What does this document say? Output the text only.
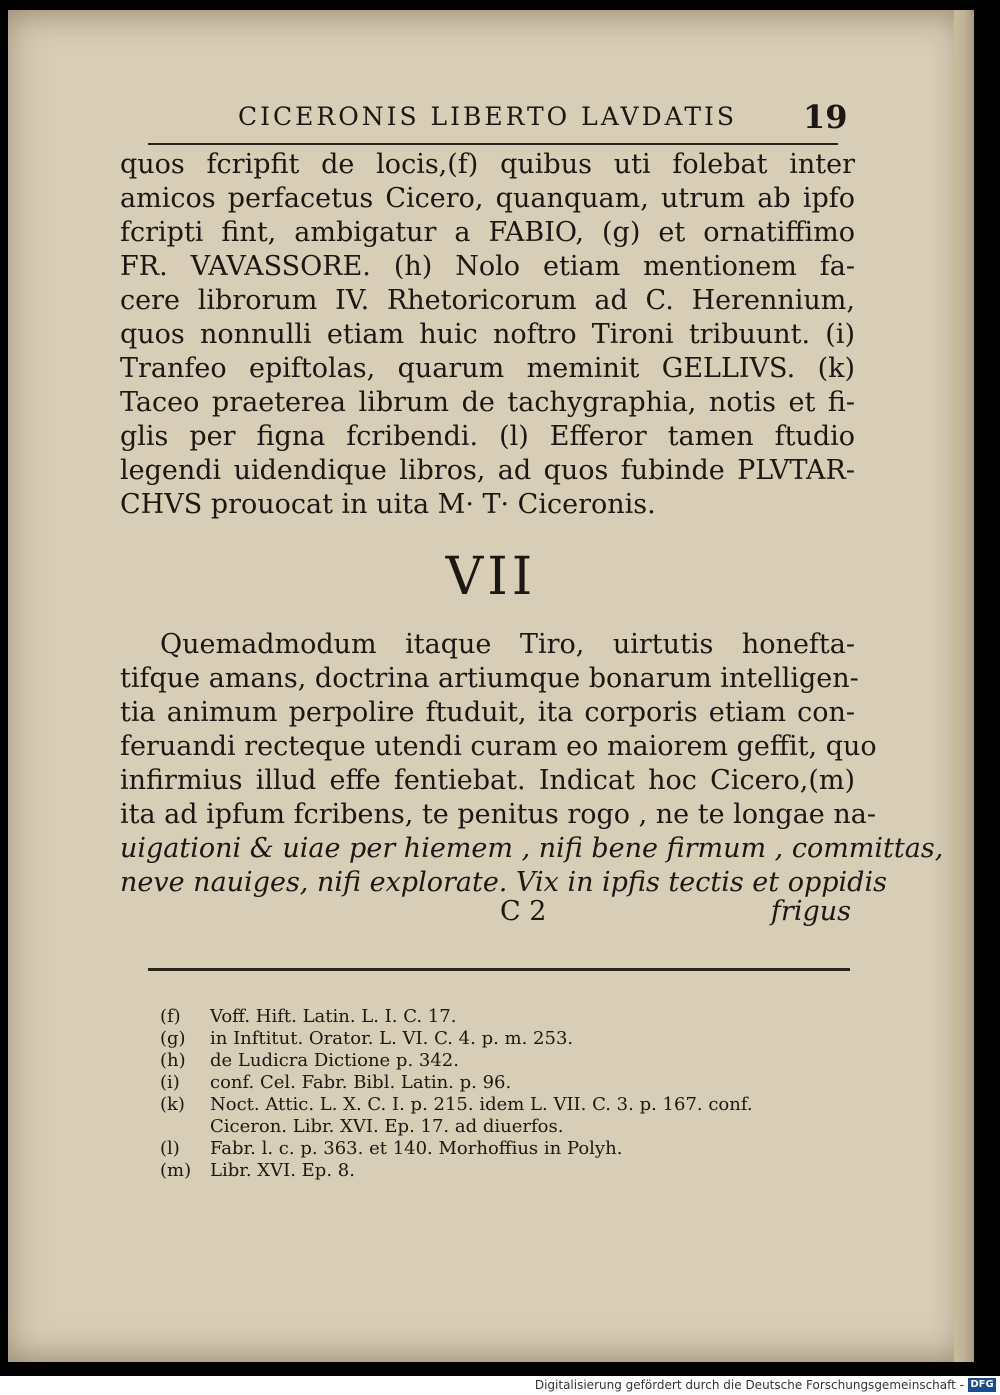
CICERONIS LIBERTO LAVDATIS 19
quos fcripfit de locis,(f) quibus uti folebat inter
amicos perfacetus Cicero, quanquam, utrum ab ipfo
fcripti fint, ambigatur a FABIO, (g) et ornatiffimo
FR. VAVASSORE. (h) Nolo etiam mentionem fa-
cere librorum IV. Rhetoricorum ad C. Herennium,
quos nonnulli etiam huic noftro Tironi tribuunt. (i)
Tranfeo epiftolas, quarum meminit GELLIVS. (k)
Taceo praeterea librum de tachygraphia, notis et fi-
glis per figna fcribendi. (l) Efferor tamen ftudio
legendi uidendique libros, ad quos fubinde PLVTAR-
CHVS prouocat in uita M· T· Ciceronis.
VII
Quemadmodum itaque Tiro, uirtutis honefta-
tifque amans, doctrina artiumque bonarum intelligen-
tia animum perpolire ftuduit, ita corporis etiam con-
feruandi recteque utendi curam eo maiorem geffit, quo
infirmius illud effe fentiebat. Indicat hoc Cicero,(m)
ita ad ipfum fcribens, te penitus rogo , ne te longae na-
uigationi & uiae per hiemem , nifi bene firmum , committas,
neve nauiges, nifi explorate. Vix in ipfis tectis et oppidis
C 2	frigus
(f)	Voff. Hift. Latin. L. I. C. 17.
(g)	in Inftitut. Orator. L. VI. C. 4. p. m. 253.
(h)	de Ludicra Dictione p. 342.
(i)	conf. Cel. Fabr. Bibl. Latin. p. 96.
(k)	Noct. Attic. L. X. C. I. p. 215. idem L. VII. C. 3. p. 167. conf.
Ciceron. Libr. XVI. Ep. 17. ad diuerfos.
(l)	Fabr. l. c. p. 363. et 140. Morhoffius in Polyh.
(m)	Libr. XVI. Ep. 8.
Digitalisierung gefördert durch die Deutsche Forschungsgemeinschaft - DFG
